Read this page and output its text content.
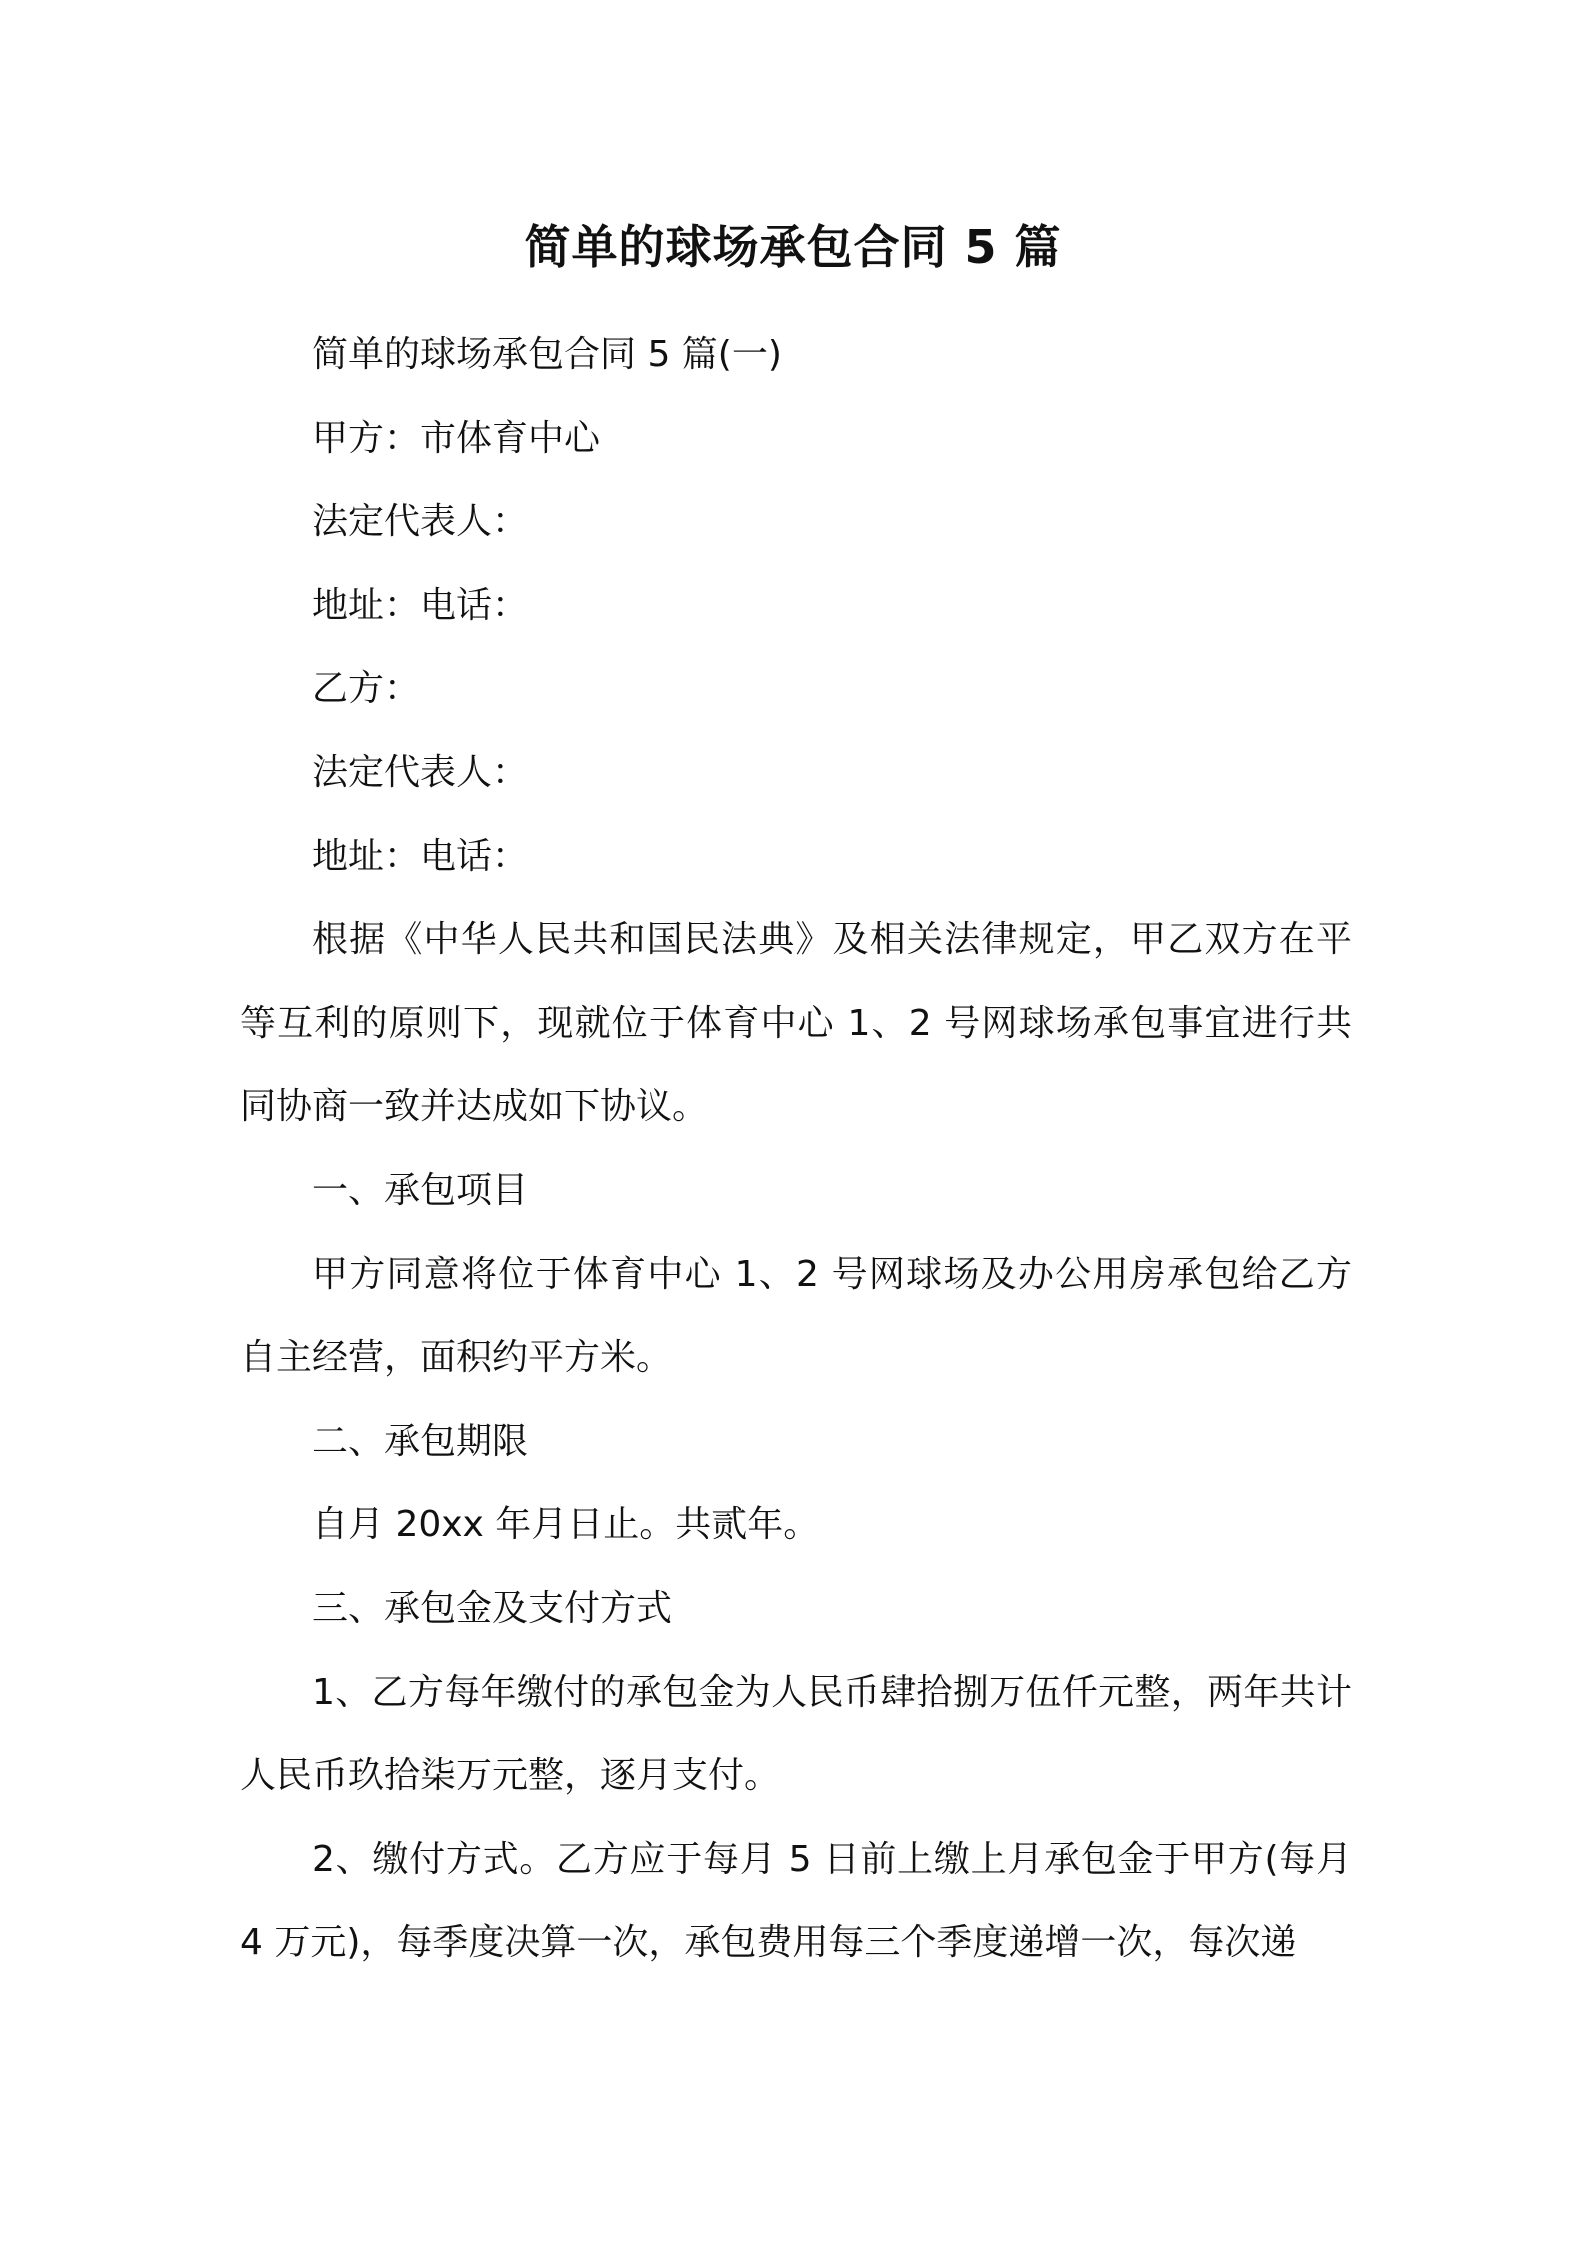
简单的球场承包合同 5 篇

简单的球场承包合同 5 篇(一)

甲方：市体育中心

法定代表人：

地址：电话：

乙方：

法定代表人：

地址：电话：

根据《中华人民共和国民法典》及相关法律规定，甲乙双方在平等互利的原则下，现就位于体育中心 1、2 号网球场承包事宜进行共同协商一致并达成如下协议。

一、承包项目

甲方同意将位于体育中心 1、2 号网球场及办公用房承包给乙方自主经营，面积约平方米。

二、承包期限

自月 20xx 年月日止。共贰年。

三、承包金及支付方式

1、乙方每年缴付的承包金为人民币肆拾捌万伍仟元整，两年共计人民币玖拾柒万元整，逐月支付。

2、缴付方式。乙方应于每月 5 日前上缴上月承包金于甲方(每月 4 万元)，每季度决算一次，承包费用每三个季度递增一次，每次递
